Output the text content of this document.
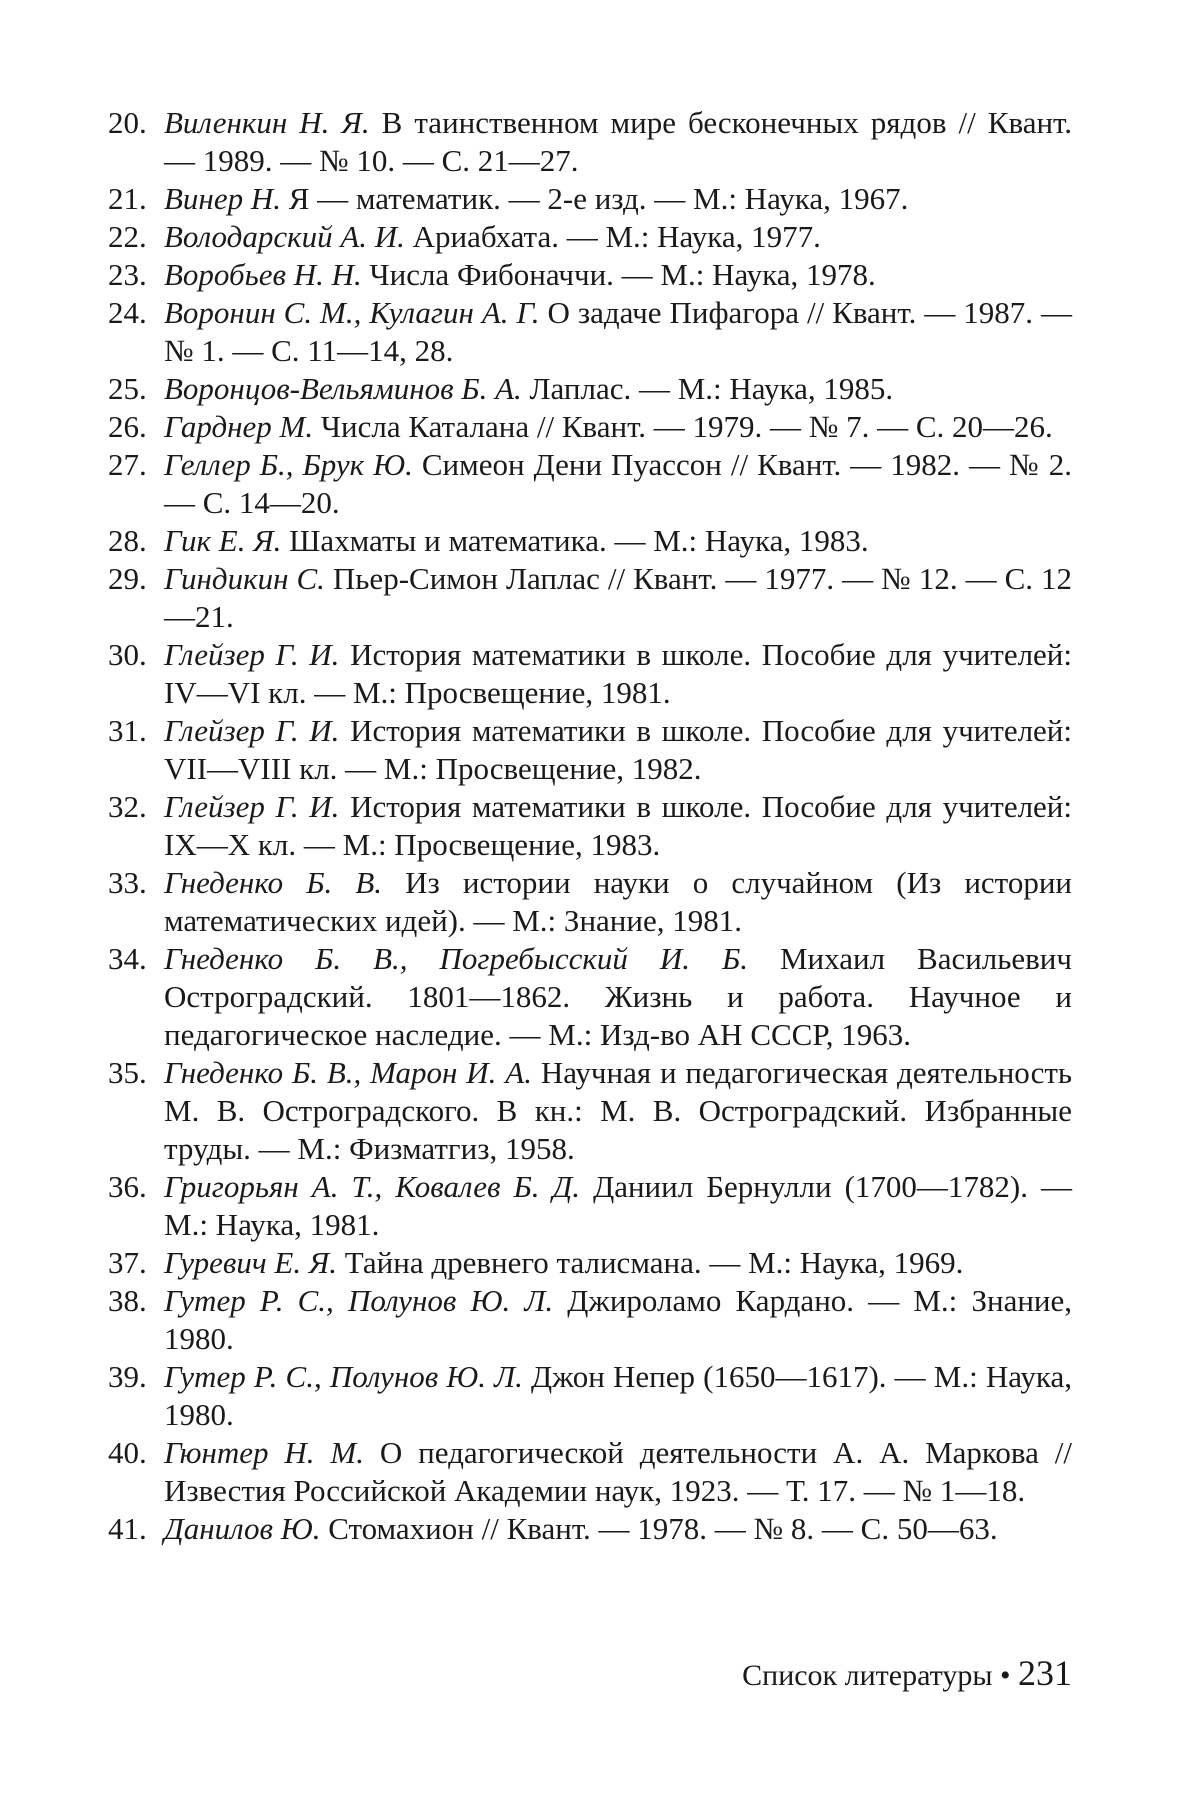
20. Виленкин Н. Я. В таинственном мире бесконечных рядов // Квант. — 1989. — № 10. — С. 21—27.
21. Винер Н. Я — математик. — 2-е изд. — М.: Наука, 1967.
22. Володарский А. И. Ариабхата. — М.: Наука, 1977.
23. Воробьев Н. Н. Числа Фибоначчи. — М.: Наука, 1978.
24. Воронин С. М., Кулагин А. Г. О задаче Пифагора // Квант. — 1987. — № 1. — С. 11—14, 28.
25. Воронцов-Вельяминов Б. А. Лаплас. — М.: Наука, 1985.
26. Гарднер М. Числа Каталана // Квант. — 1979. — № 7. — С. 20—26.
27. Геллер Б., Брук Ю. Симеон Дени Пуассон // Квант. — 1982. — № 2. — С. 14—20.
28. Гик Е. Я. Шахматы и математика. — М.: Наука, 1983.
29. Гиндикин С. Пьер-Симон Лаплас // Квант. — 1977. — № 12. — С. 12—21.
30. Глейзер Г. И. История математики в школе. Пособие для учителей: IV—VI кл. — М.: Просвещение, 1981.
31. Глейзер Г. И. История математики в школе. Пособие для учителей: VII—VIII кл. — М.: Просвещение, 1982.
32. Глейзер Г. И. История математики в школе. Пособие для учителей: IX—X кл. — М.: Просвещение, 1983.
33. Гнеденко Б. В. Из истории науки о случайном (Из истории математических идей). — М.: Знание, 1981.
34. Гнеденко Б. В., Погребысский И. Б. Михаил Васильевич Остроградский. 1801—1862. Жизнь и работа. Научное и педагогическое наследие. — М.: Изд-во АН СССР, 1963.
35. Гнеденко Б. В., Марон И. А. Научная и педагогическая деятельность М. В. Остроградского. В кн.: М. В. Остроградский. Избранные труды. — М.: Физматгиз, 1958.
36. Григорьян А. Т., Ковалев Б. Д. Даниил Бернулли (1700—1782). — М.: Наука, 1981.
37. Гуревич Е. Я. Тайна древнего талисмана. — М.: Наука, 1969.
38. Гутер Р. С., Полунов Ю. Л. Джироламо Кардано. — М.: Знание, 1980.
39. Гутер Р. С., Полунов Ю. Л. Джон Непер (1650—1617). — М.: Наука, 1980.
40. Гюнтер Н. М. О педагогической деятельности А. А. Маркова // Известия Российской Академии наук, 1923. — Т. 17. — № 1—18.
41. Данилов Ю. Стомахион // Квант. — 1978. — № 8. — С. 50—63.
Список литературы • 231
